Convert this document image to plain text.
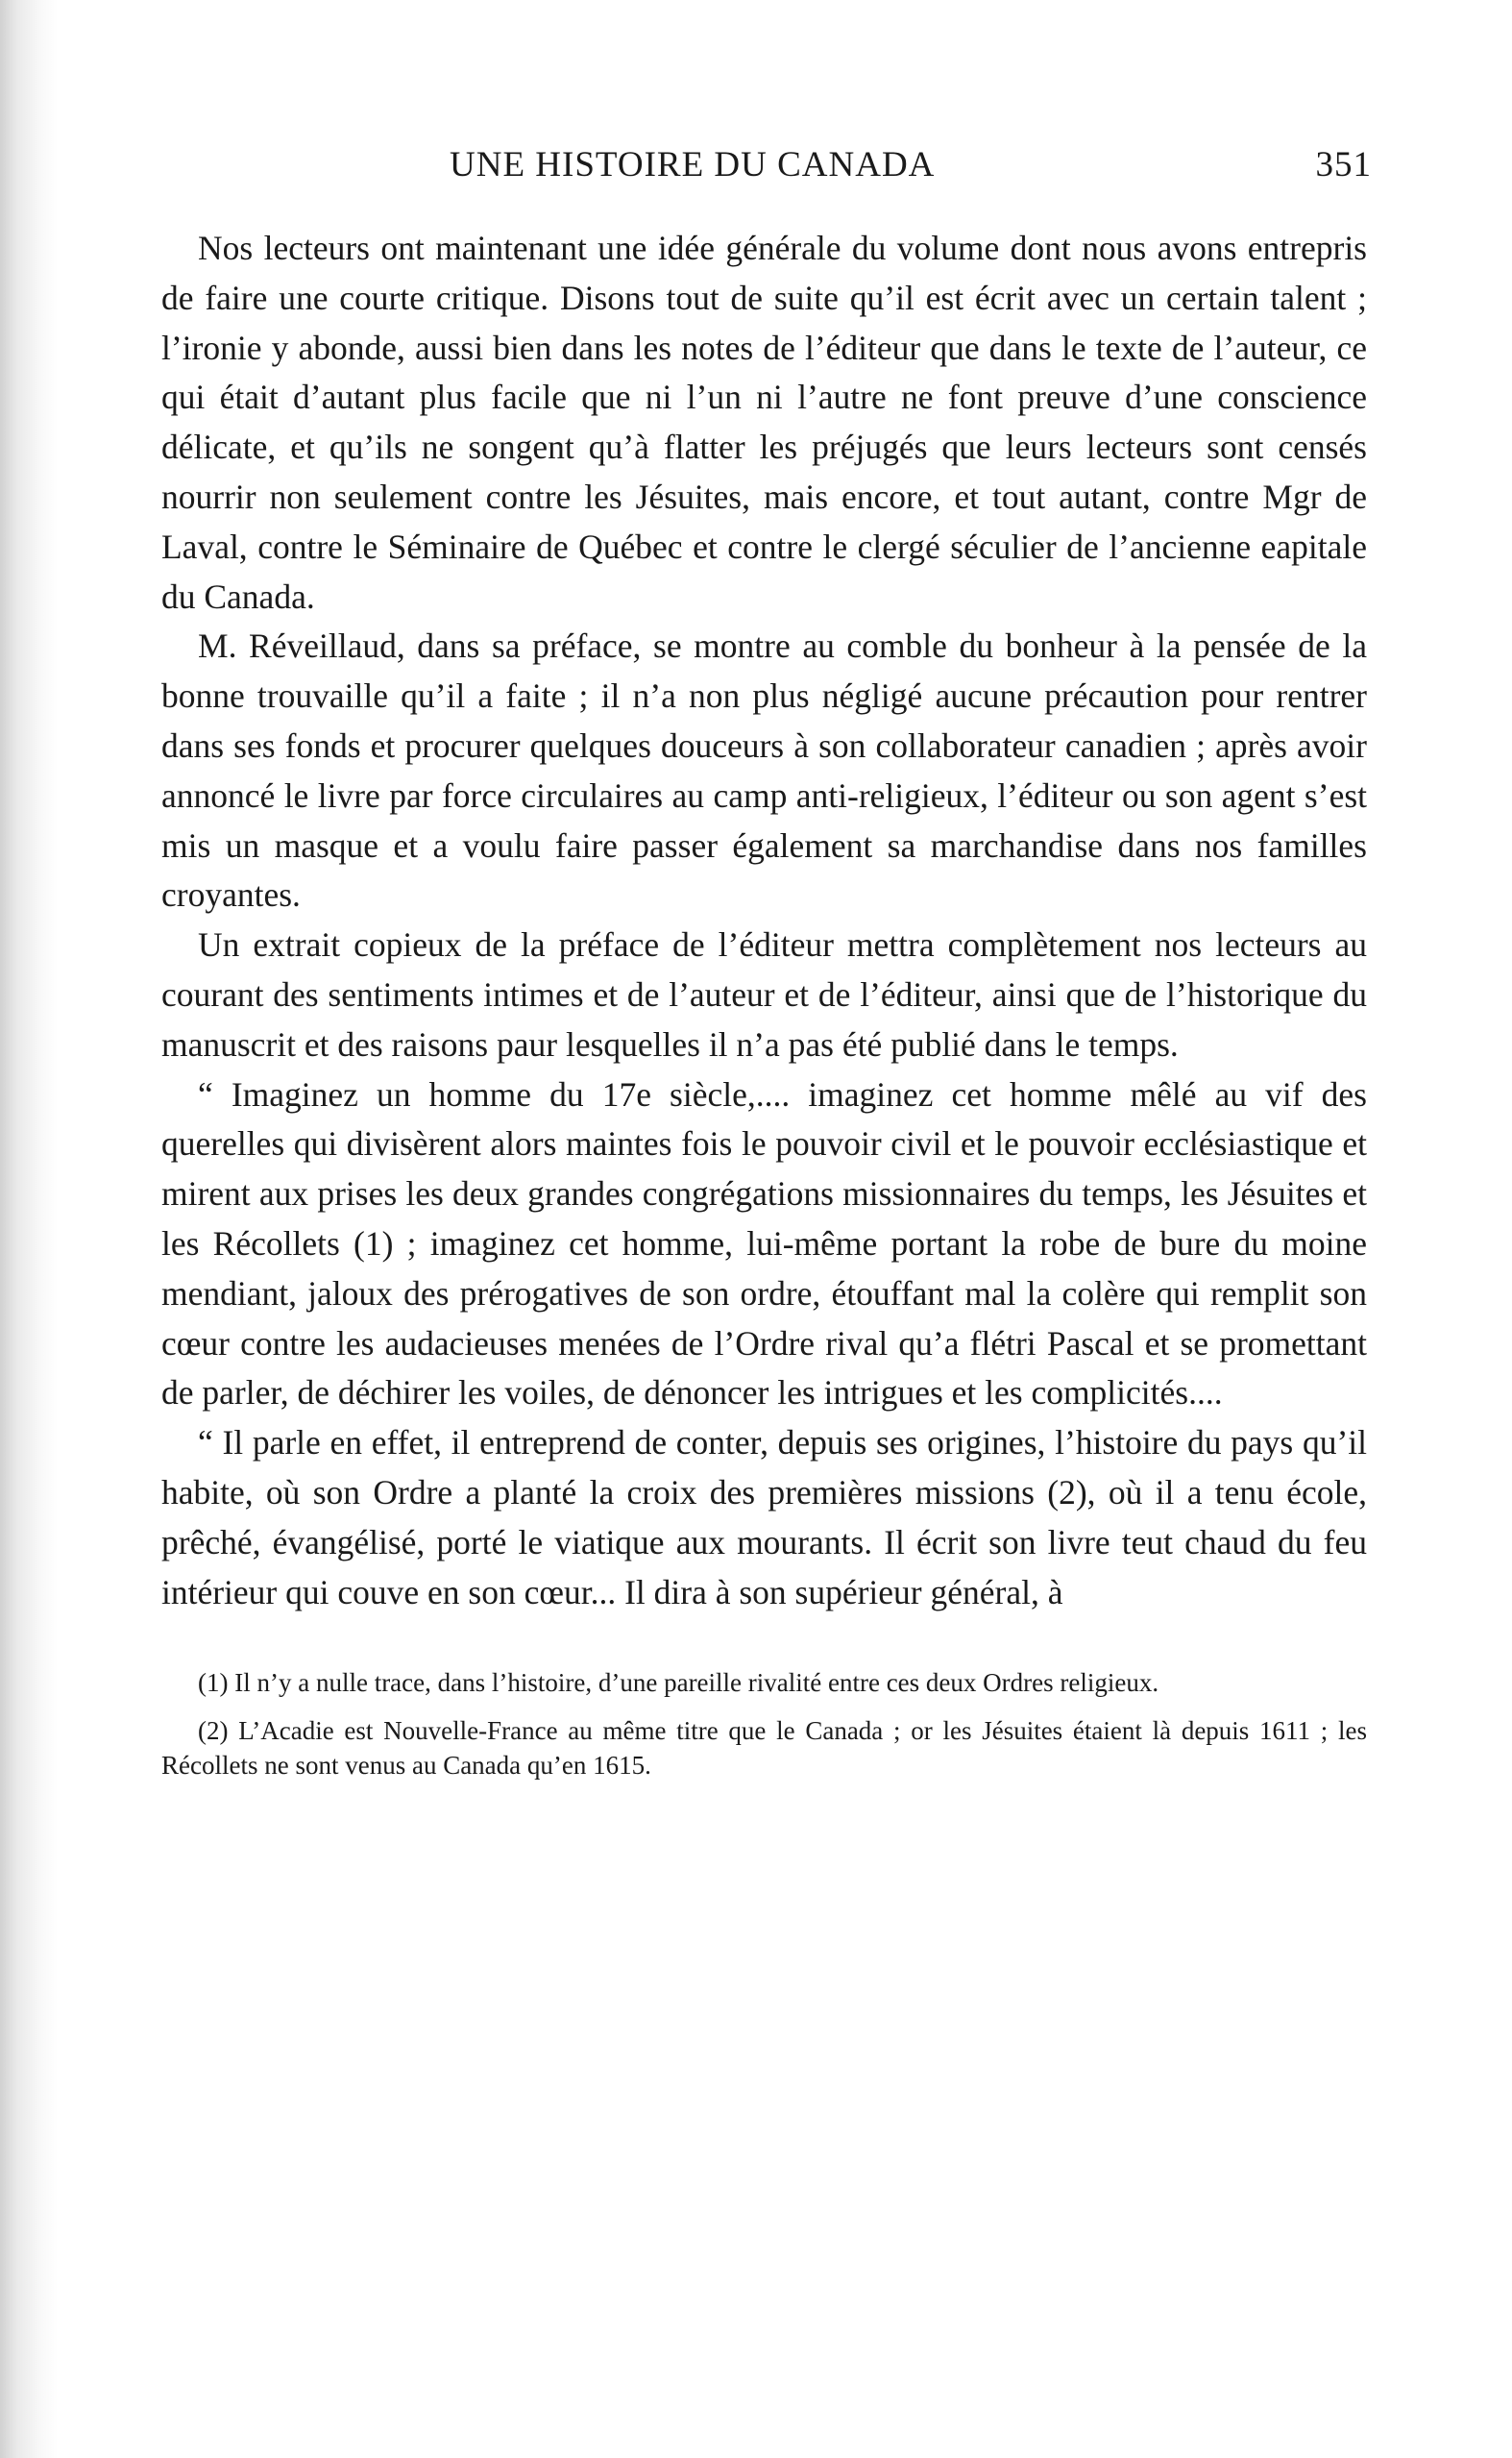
UNE HISTOIRE DU CANADA	351

Nos lecteurs ont maintenant une idée générale du volume dont nous avons entrepris de faire une courte critique. Disons tout de suite qu’il est écrit avec un certain talent ; l’ironie y abonde, aussi bien dans les notes de l’éditeur que dans le texte de l’auteur, ce qui était d’autant plus facile que ni l’un ni l’autre ne font preuve d’une conscience délicate, et qu’ils ne songent qu’à flatter les préjugés que leurs lecteurs sont censés nourrir non seulement contre les Jésuites, mais encore, et tout autant, contre Mgr de Laval, contre le Séminaire de Québec et contre le clergé séculier de l’ancienne eapitale du Canada.

M. Réveillaud, dans sa préface, se montre au comble du bonheur à la pensée de la bonne trouvaille qu’il a faite ; il n’a non plus négligé aucune précaution pour rentrer dans ses fonds et procurer quelques douceurs à son collaborateur canadien ; après avoir annoncé le livre par force circulaires au camp anti-religieux, l’éditeur ou son agent s’est mis un masque et a voulu faire passer également sa marchandise dans nos familles croyantes.

Un extrait copieux de la préface de l’éditeur mettra complètement nos lecteurs au courant des sentiments intimes et de l’auteur et de l’éditeur, ainsi que de l’historique du manuscrit et des raisons paur lesquelles il n’a pas été publié dans le temps.

“ Imaginez un homme du 17e siècle,.... imaginez cet homme mêlé au vif des querelles qui divisèrent alors maintes fois le pouvoir civil et le pouvoir ecclésiastique et mirent aux prises les deux grandes congrégations missionnaires du temps, les Jésuites et les Récollets (1) ; imaginez cet homme, lui-même portant la robe de bure du moine mendiant, jaloux des prérogatives de son ordre, étouffant mal la colère qui remplit son cœur contre les audacieuses menées de l’Ordre rival qu’a flétri Pascal et se promettant de parler, de déchirer les voiles, de dénoncer les intrigues et les complicités....

“ Il parle en effet, il entreprend de conter, depuis ses origines, l’histoire du pays qu’il habite, où son Ordre a planté la croix des premières missions (2), où il a tenu école, prêché, évangélisé, porté le viatique aux mourants. Il écrit son livre teut chaud du feu intérieur qui couve en son cœur... Il dira à son supérieur général, à

(1) Il n’y a nulle trace, dans l’histoire, d’une pareille rivalité entre ces deux Ordres religieux.

(2) L’Acadie est Nouvelle-France au même titre que le Canada ; or les Jésuites étaient là depuis 1611 ; les Récollets ne sont venus au Canada qu’en 1615.
